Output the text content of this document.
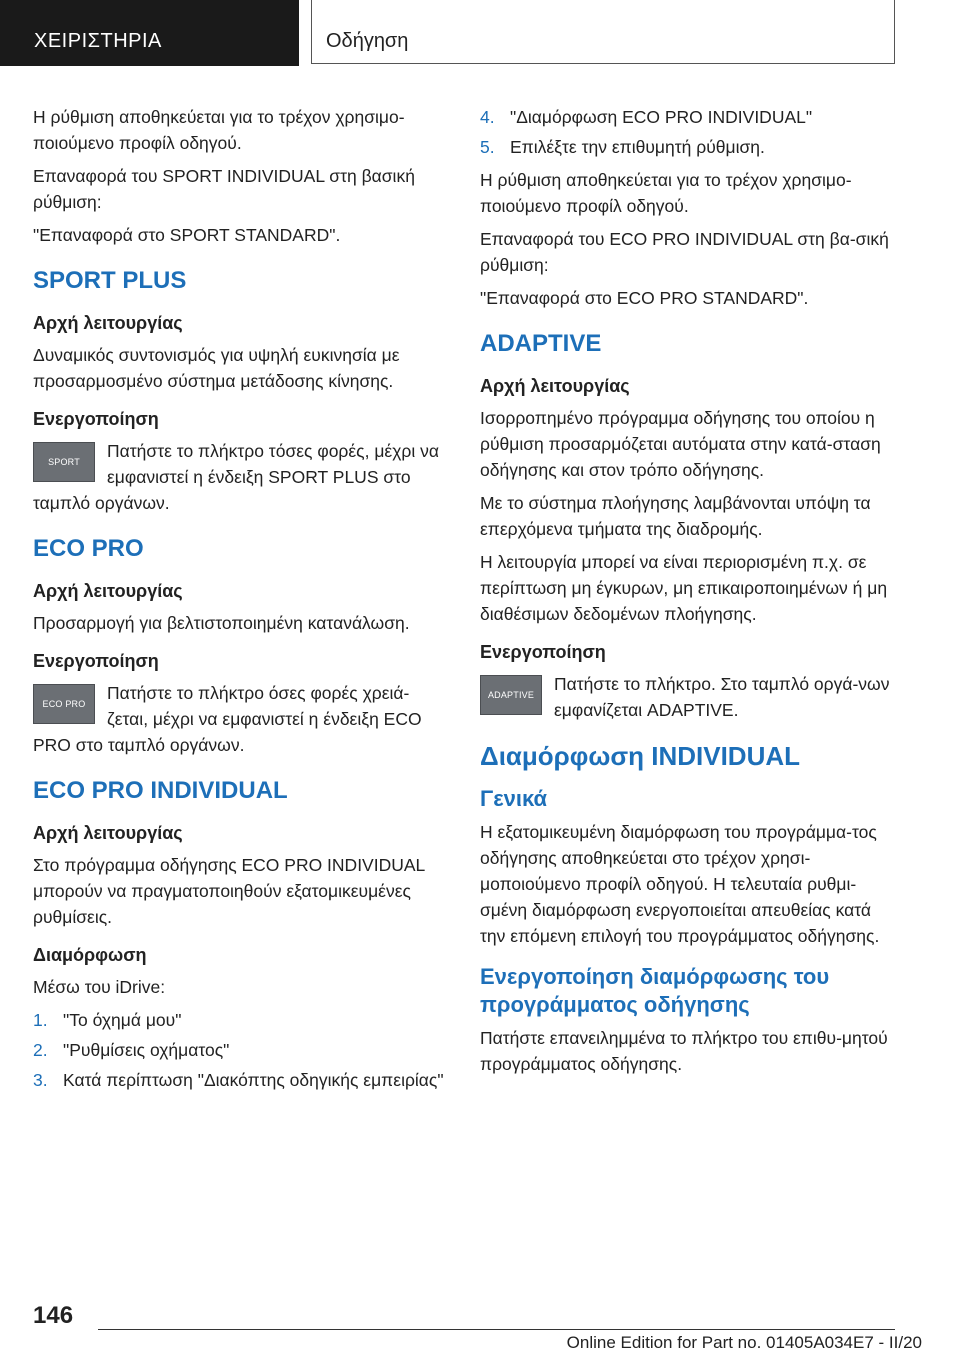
ΧΕΙΡΙΣΤΗΡΙΑ	Οδήγηση

Η ρύθμιση αποθηκεύεται για το τρέχον χρησιμο‐ποιούμενο προφίλ οδηγού.

Επαναφορά του SPORT INDIVIDUAL στη βασική ρύθμιση:

"Επαναφορά στο SPORT STANDARD".

SPORT PLUS
Αρχή λειτουργίας

Δυναμικός συντονισμός για υψηλή ευκινησία με προσαρμοσμένο σύστημα μετάδοσης κίνησης.

Ενεργοποίηση
SPORT
Πατήστε το πλήκτρο τόσες φορές, μέχρι να εμφανιστεί η ένδειξη SPORT PLUS στο ταμπλό οργάνων.
ECO PRO
Αρχή λειτουργίας

Προσαρμογή για βελτιστοποιημένη κατανάλωση.

Ενεργοποίηση
ECO PRO
Πατήστε το πλήκτρο όσες φορές χρειά‐ζεται, μέχρι να εμφανιστεί η ένδειξη ECO PRO στο ταμπλό οργάνων.
ECO PRO INDIVIDUAL
Αρχή λειτουργίας

Στο πρόγραμμα οδήγησης ECO PRO INDIVIDUAL μπορούν να πραγματοποιηθούν εξατομικευμένες ρυθμίσεις.

Διαμόρφωση

Μέσω του iDrive:

1. "Το όχημά μου"
2. "Ρυθμίσεις οχήματος"
3. Κατά περίπτωση "Διακόπτης οδηγικής εμπειρίας"
4. "Διαμόρφωση ECO PRO INDIVIDUAL"
5. Επιλέξτε την επιθυμητή ρύθμιση.

Η ρύθμιση αποθηκεύεται για το τρέχον χρησιμο‐ποιούμενο προφίλ οδηγού.

Επαναφορά του ECO PRO INDIVIDUAL στη βα‐σική ρύθμιση:

"Επαναφορά στο ECO PRO STANDARD".

ADAPTIVE
Αρχή λειτουργίας

Ισορροπημένο πρόγραμμα οδήγησης του οποίου η ρύθμιση προσαρμόζεται αυτόματα στην κατά‐σταση οδήγησης και στον τρόπο οδήγησης.

Με το σύστημα πλοήγησης λαμβάνονται υπόψη τα επερχόμενα τμήματα της διαδρομής.

Η λειτουργία μπορεί να είναι περιορισμένη π.χ. σε περίπτωση μη έγκυρων, μη επικαιροποιημένων ή μη διαθέσιμων δεδομένων πλοήγησης.

Ενεργοποίηση
ADAPTIVE
Πατήστε το πλήκτρο. Στο ταμπλό οργά‐νων εμφανίζεται ADAPTIVE.
Διαμόρφωση INDIVIDUAL
Γενικά

Η εξατομικευμένη διαμόρφωση του προγράμμα‐τος οδήγησης αποθηκεύεται στο τρέχον χρησι‐μοποιούμενο προφίλ οδηγού. Η τελευταία ρυθμι‐σμένη διαμόρφωση ενεργοποιείται απευθείας κατά την επόμενη επιλογή του προγράμματος οδήγησης.

Ενεργοποίηση διαμόρφωσης του προγράμματος οδήγησης

Πατήστε επανειλημμένα το πλήκτρο του επιθυ‐μητού προγράμματος οδήγησης.

146
Online Edition for Part no. 01405A034E7 - II/20
